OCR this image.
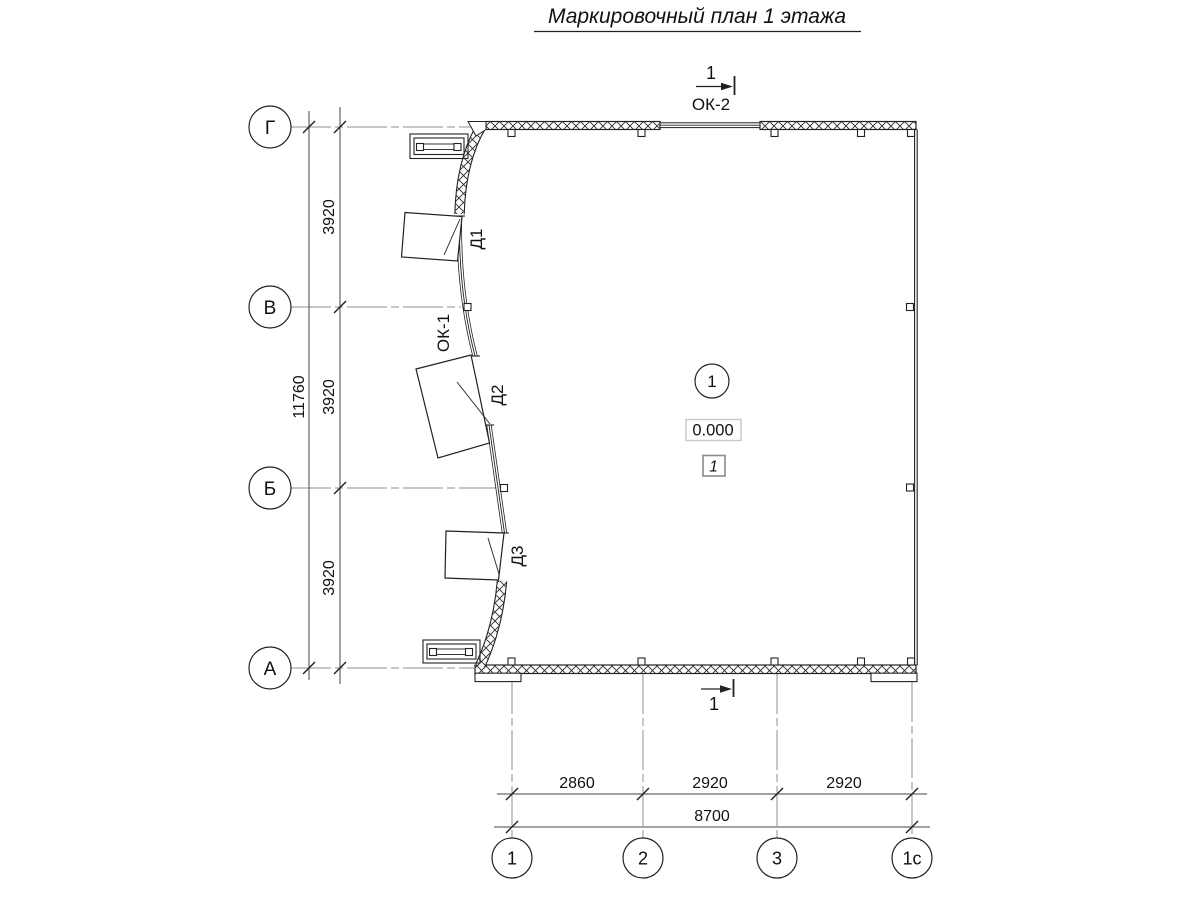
Маркировочный план 1 этажа
3920
3920
3920
11760
2860	2920	2920
8700
Д1
ОК-1
Д2
Д3
1
ОК-2
1
1
0.000
1
Г
В
Б
А
1	2	3	1с
